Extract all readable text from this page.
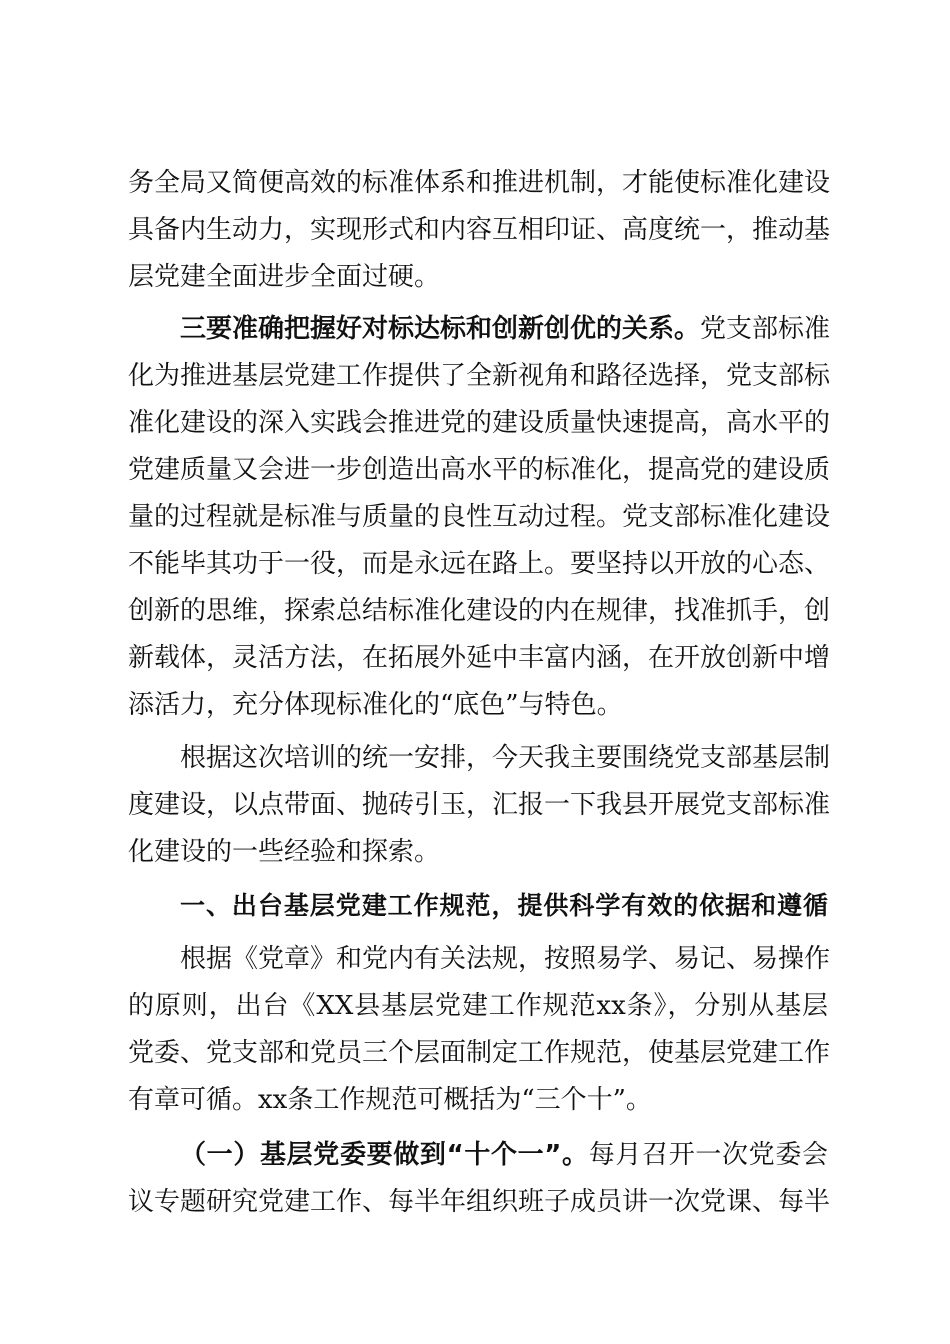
务全局又简便高效的标准体系和推进机制，才能使标准化建设
具备内生动力，实现形式和内容互相印证、高度统一，推动基
层党建全面进步全面过硬。
三要准确把握好对标达标和创新创优的关系。党支部标准
化为推进基层党建工作提供了全新视角和路径选择，党支部标
准化建设的深入实践会推进党的建设质量快速提高，高水平的
党建质量又会进一步创造出高水平的标准化，提高党的建设质
量的过程就是标准与质量的良性互动过程。党支部标准化建设
不能毕其功于一役，而是永远在路上。要坚持以开放的心态、
创新的思维，探索总结标准化建设的内在规律，找准抓手，创
新载体，灵活方法，在拓展外延中丰富内涵，在开放创新中增
添活力，充分体现标准化的“底色”与特色。
根据这次培训的统一安排，今天我主要围绕党支部基层制
度建设，以点带面、抛砖引玉，汇报一下我县开展党支部标准
化建设的一些经验和探索。
一、出台基层党建工作规范，提供科学有效的依据和遵循
根据《党章》和党内有关法规，按照易学、易记、易操作
的原则，出台《XX县基层党建工作规范xx条》，分别从基层
党委、党支部和党员三个层面制定工作规范，使基层党建工作
有章可循。xx条工作规范可概括为“三个十”。
（一）基层党委要做到“十个一”。每月召开一次党委会
议专题研究党建工作、每半年组织班子成员讲一次党课、每半
